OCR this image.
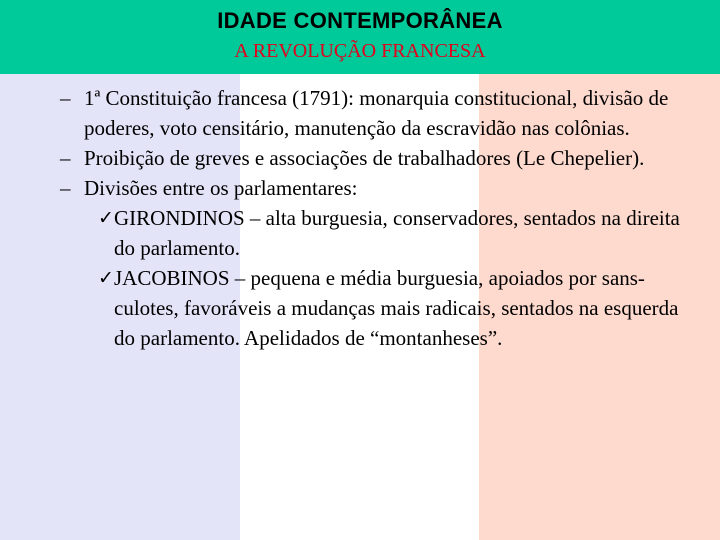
IDADE CONTEMPORÂNEA
A REVOLUÇÃO FRANCESA
– 1ª Constituição francesa (1791): monarquia constitucional, divisão de poderes, voto censitário, manutenção da escravidão nas colônias.
– Proibição de greves e associações de trabalhadores (Le Chepelier).
– Divisões entre os parlamentares:
✓ GIRONDINOS – alta burguesia, conservadores, sentados na direita do parlamento.
✓ JACOBINOS – pequena e média burguesia, apoiados por sans-culotes, favoráveis a mudanças mais radicais, sentados na esquerda do parlamento. Apelidados de “montanheses”.
